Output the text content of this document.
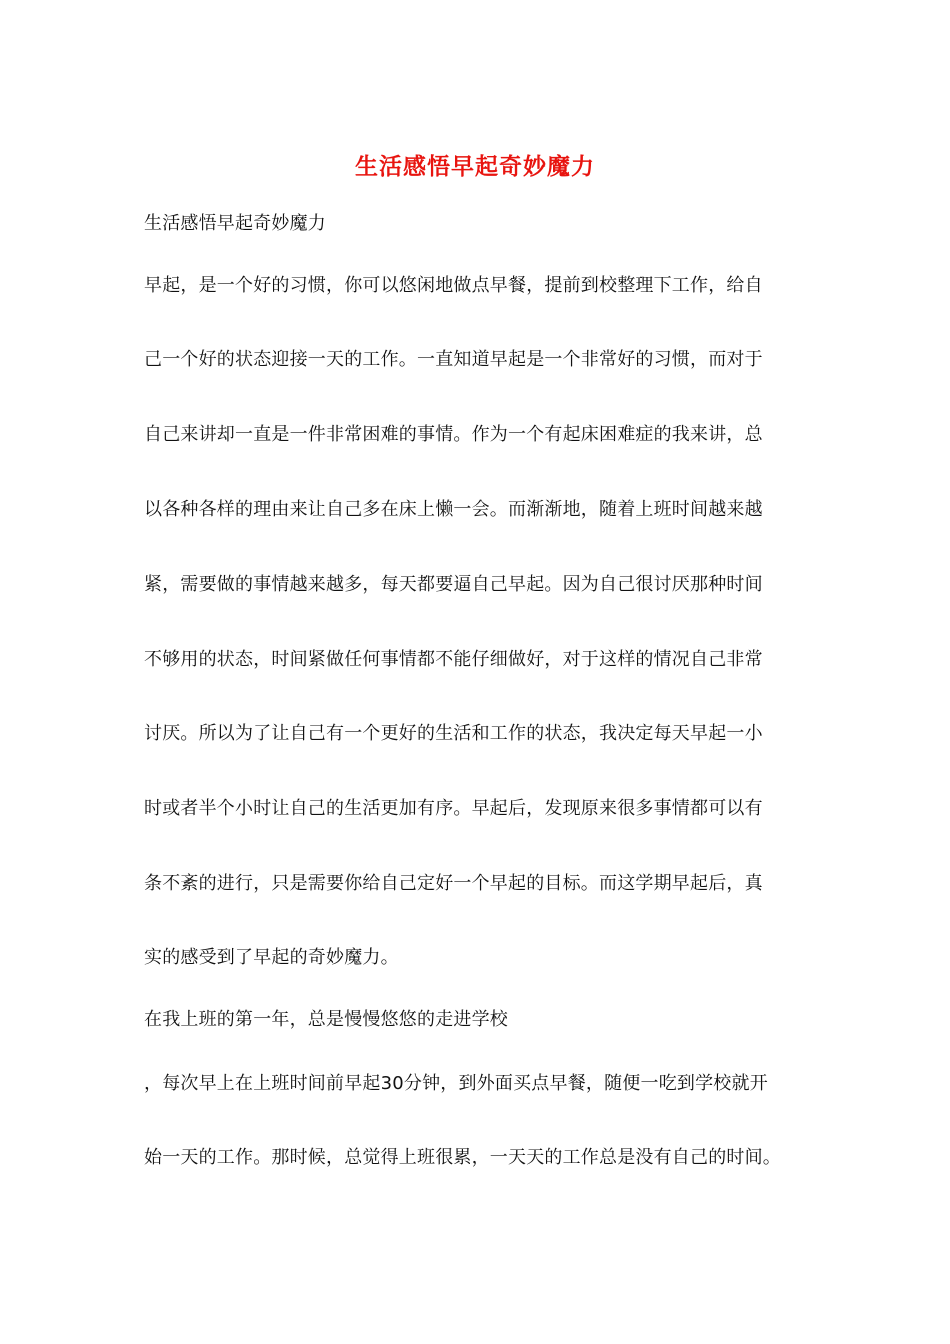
生活感悟早起奇妙魔力
生活感悟早起奇妙魔力
早起，是一个好的习惯，你可以悠闲地做点早餐，提前到校整理下工作，给自
己一个好的状态迎接一天的工作。一直知道早起是一个非常好的习惯，而对于
自己来讲却一直是一件非常困难的事情。作为一个有起床困难症的我来讲，总
以各种各样的理由来让自己多在床上懒一会。而渐渐地，随着上班时间越来越
紧，需要做的事情越来越多，每天都要逼自己早起。因为自己很讨厌那种时间
不够用的状态，时间紧做任何事情都不能仔细做好，对于这样的情况自己非常
讨厌。所以为了让自己有一个更好的生活和工作的状态，我决定每天早起一小
时或者半个小时让自己的生活更加有序。早起后，发现原来很多事情都可以有
条不紊的进行，只是需要你给自己定好一个早起的目标。而这学期早起后，真
实的感受到了早起的奇妙魔力。
在我上班的第一年，总是慢慢悠悠的走进学校
，每次早上在上班时间前早起30分钟，到外面买点早餐，随便一吃到学校就开
始一天的工作。那时候，总觉得上班很累，一天天的工作总是没有自己的时间。
